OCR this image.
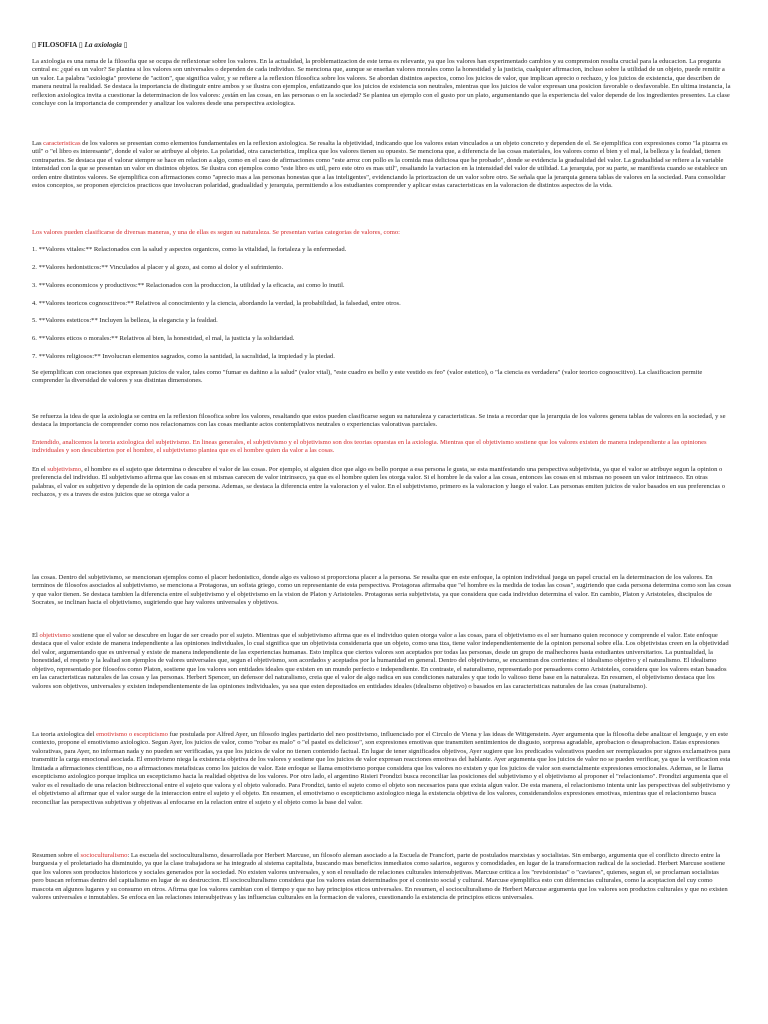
▯ FILOSOFIA ▯ La axiologia ▯

La axiologia es una rama de la filosofia que se ocupa de reflexionar sobre los valores. En la actualidad, la problematizacion de este tema es relevante, ya que los valores han experimentado cambios y su comprension resulta crucial para la educacion. La pregunta central es: ¿qué es un valor? Se plantea si los valores son universales o dependen de cada individuo. Se menciona que, aunque se enseñan valores morales como la honestidad y la justicia, cualquier afirmacion, incluso sobre la utilidad de un objeto, puede remitir a un valor. La palabra "axiologia" proviene de "action", que significa valor, y se refiere a la reflexion filosofica sobre los valores. Se abordan distintos aspectos, como los juicios de valor, que implican aprecio o rechazo, y los juicios de existencia, que describen de manera neutral la realidad. Se destaca la importancia de distinguir entre ambos y se ilustra con ejemplos, enfatizando que los juicios de existencia son neutrales, mientras que los juicios de valor expresan una posicion favorable o desfavorable. En ultima instancia, la reflexion axiologica invita a cuestionar la determinacion de los valores: ¿están en las cosas, en las personas o en la sociedad? Se plantea un ejemplo con el gusto por un plato, argumentando que la experiencia del valor depende de los ingredientes presentes. La clase concluye con la importancia de comprender y analizar los valores desde una perspectiva axiologica.

Las caracteristicas de los valores se presentan como elementos fundamentales en la reflexion axiologica. Se resalta la objetividad, indicando que los valores estan vinculados a un objeto concreto y dependen de el. Se ejemplifica con expresiones como "la pizarra es util" o "el libro es interesante", donde el valor se atribuye al objeto. La polaridad, otra caracteristica, implica que los valores tienen su opuesto. Se menciona que, a diferencia de las cosas materiales, los valores como el bien y el mal, la belleza y la fealdad, tienen contrapartes. Se destaca que el valorar siempre se hace en relacion a algo, como en el caso de afirmaciones como "este arroz con pollo es la comida mas deliciosa que he probado", donde se evidencia la gradualidad del valor. La gradualidad se refiere a la variable intensidad con la que se presentan un valor en distintos objetos. Se ilustra con ejemplos como "este libro es util, pero este otro es mas util", resaltando la variacion en la intensidad del valor de utilidad. La jerarquia, por su parte, se manifiesta cuando se establece un orden entre distintos valores. Se ejemplifica con afirmaciones como "aprecio mas a las personas honestas que a las inteligentes", evidenciando la priorizacion de un valor sobre otro. Se señala que la jerarquia genera tablas de valores en la sociedad. Para consolidar estos conceptos, se proponen ejercicios practicos que involucran polaridad, gradualidad y jerarquia, permitiendo a los estudiantes comprender y aplicar estas caracteristicas en la valoracion de distintos aspectos de la vida.

Los valores pueden clasificarse de diversas maneras, y una de ellas es segun su naturaleza. Se presentan varias categorias de valores, como:

1. **Valores vitales:** Relacionados con la salud y aspectos organicos, como la vitalidad, la fortaleza y la enfermedad.

2. **Valores hedonisticos:** Vinculados al placer y al gozo, asi como al dolor y el sufrimiento.

3. **Valores economicos y productivos:** Relacionados con la produccion, la utilidad y la eficacia, asi como lo inutil.

4. **Valores teoricos cognoscitivos:** Relativos al conocimiento y la ciencia, abordando la verdad, la probabilidad, la falsedad, entre otros.

5. **Valores esteticos:** Incluyen la belleza, la elegancia y la fealdad.

6. **Valores eticos o morales:** Relativos al bien, la honestidad, el mal, la justicia y la solidaridad.

7. **Valores religiosos:** Involucran elementos sagrados, como la santidad, la sacralidad, la impiedad y la piedad.

Se ejemplifican con oraciones que expresan juicios de valor, tales como "fumar es dañino a la salud" (valor vital), "este cuadro es bello y este vestido es feo" (valor estetico), o "la ciencia es verdadera" (valor teorico cognoscitivo). La clasificacion permite comprender la diversidad de valores y sus distintas dimensiones.

Se refuerza la idea de que la axiologia se centra en la reflexion filosofica sobre los valores, resaltando que estos pueden clasificarse segun su naturaleza y caracteristicas. Se insta a recordar que la jerarquia de los valores genera tablas de valores en la sociedad, y se destaca la importancia de comprender como nos relacionamos con las cosas mediante actos contemplativos neutrales o experiencias valorativas parciales.

Entendido, analicemos la teoria axiologica del subjetivismo. En lineas generales, el subjetivismo y el objetivismo son dos teorias opuestas en la axiologia. Mientras que el objetivismo sostiene que los valores existen de manera independiente a las opiniones individuales y son descubiertos por el hombre, el subjetivismo plantea que es el hombre quien da valor a las cosas.

En el subjetivismo, el hombre es el sujeto que determina o descubre el valor de las cosas. Por ejemplo, si alguien dice que algo es bello porque a esa persona le gusta, se esta manifestando una perspectiva subjetivista, ya que el valor se atribuye segun la opinion o preferencia del individuo. El subjetivismo afirma que las cosas en si mismas carecen de valor intrinseco, ya que es el hombre quien les otorga valor. Si el hombre le da valor a las cosas, entonces las cosas en si mismas no poseen un valor intrinseco. En otras palabras, el valor es subjetivo y depende de la opinion de cada persona. Ademas, se destaca la diferencia entre la valoracion y el valor. En el subjetivismo, primero es la valoracion y luego el valor. Las personas emiten juicios de valor basados en sus preferencias o rechazos, y es a traves de estos juicios que se otorga valor a

las cosas. Dentro del subjetivismo, se mencionan ejemplos como el placer hedonistico, donde algo es valioso si proporciona placer a la persona. Se resalta que en este enfoque, la opinion individual juega un papel crucial en la determinacion de los valores. En terminos de filosofos asociados al subjetivismo, se menciona a Protagoras, un sofista griego, como un representante de esta perspectiva. Protagoras afirmaba que "el hombre es la medida de todas las cosas", sugiriendo que cada persona determina como son las cosas y que valor tienen. Se destaca tambien la diferencia entre el subjetivismo y el objetivismo en la vision de Platon y Aristoteles. Protagoras seria subjetivista, ya que considera que cada individuo determina el valor. En cambio, Platon y Aristoteles, discipulos de Socrates, se inclinan hacia el objetivismo, sugiriendo que hay valores universales y objetivos.

El objetivismo sostiene que el valor se descubre en lugar de ser creado por el sujeto. Mientras que el subjetivismo afirma que es el individuo quien otorga valor a las cosas, para el objetivismo es el ser humano quien reconoce y comprende el valor. Este enfoque destaca que el valor existe de manera independiente a las opiniones individuales, lo cual significa que un objetivista consideraria que un objeto, como una tiza, tiene valor independientemente de la opinion personal sobre ella. Los objetivistas creen en la objetividad del valor, argumentando que es universal y existe de manera independiente de las experiencias humanas. Esto implica que ciertos valores son aceptados por todas las personas, desde un grupo de malhechores hasta estudiantes universitarios. La puntualidad, la honestidad, el respeto y la lealtad son ejemplos de valores universales que, segun el objetivismo, son acordados y aceptados por la humanidad en general. Dentro del objetivismo, se encuentran dos corrientes: el idealismo objetivo y el naturalismo. El idealismo objetivo, representado por filosofos como Platon, sostiene que los valores son entidades ideales que existen en un mundo perfecto e independiente. En contraste, el naturalismo, representado por pensadores como Aristoteles, considera que los valores estan basados en las caracteristicas naturales de las cosas y las personas. Herbert Spencer, un defensor del naturalismo, creia que el valor de algo radica en sus condiciones naturales y que todo lo valioso tiene base en la naturaleza. En resumen, el objetivismo destaca que los valores son objetivos, universales y existen independientemente de las opiniones individuales, ya sea que esten depositados en entidades ideales (idealismo objetivo) o basados en las caracteristicas naturales de las cosas (naturalismo).

La teoria axiologica del emotivismo o escepticismo fue postulada por Alfred Ayer, un filosofo ingles partidario del neo positivismo, influenciado por el Circulo de Viena y las ideas de Wittgenstein. Ayer argumenta que la filosofia debe analizar el lenguaje, y en este contexto, propone el emotivismo axiologico. Segun Ayer, los juicios de valor, como "robar es malo" o "el pastel es delicioso", son expresiones emotivas que transmiten sentimientos de disgusto, sorpresa agradable, aprobacion o desaprobacion. Estas expresiones valorativas, para Ayer, no informan nada y no pueden ser verificadas, ya que los juicios de valor no tienen contenido factual. En lugar de tener significados objetivos, Ayer sugiere que los predicados valorativos pueden ser reemplazados por signos exclamativos para transmitir la carga emocional asociada. El emotivismo niega la existencia objetiva de los valores y sostiene que los juicios de valor expresan reacciones emotivas del hablante. Ayer argumenta que los juicios de valor no se pueden verificar, ya que la verificacion esta limitada a afirmaciones cientificas, no a afirmaciones metafisicas como los juicios de valor. Este enfoque se llama emotivismo porque considera que los valores no existen y que los juicios de valor son esencialmente expresiones emocionales. Ademas, se le llama escepticismo axiologico porque implica un escepticismo hacia la realidad objetiva de los valores. Por otro lado, el argentino Risieri Frondizi busca reconciliar las posiciones del subjetivismo y el objetivismo al proponer el "relacionismo". Frondizi argumenta que el valor es el resultado de una relacion bidireccional entre el sujeto que valora y el objeto valorado. Para Frondizi, tanto el sujeto como el objeto son necesarios para que exista algun valor. De esta manera, el relacionismo intenta unir las perspectivas del subjetivismo y el objetivismo al afirmar que el valor surge de la interaccion entre el sujeto y el objeto. En resumen, el emotivismo o escepticismo axiologico niega la existencia objetiva de los valores, considerandolos expresiones emotivas, mientras que el relacionismo busca reconciliar las perspectivas subjetivas y objetivas al enfocarse en la relacion entre el sujeto y el objeto como la base del valor.

Resumen sobre el socioculturalismo: La escuela del socioculturalismo, desarrollada por Herbert Marcuse, un filosofo aleman asociado a la Escuela de Francfort, parte de postulados marxistas y socialistas. Sin embargo, argumenta que el conflicto directo entre la burguesia y el proletariado ha disminuido, ya que la clase trabajadora se ha integrado al sistema capitalista, buscando mas beneficios inmediatos como salarios, seguros y comodidades, en lugar de la transformacion radical de la sociedad. Herbert Marcuse sostiene que los valores son productos historicos y sociales generados por la sociedad. No existen valores universales, y son el resultado de relaciones culturales intersubjetivas. Marcuse critica a los "revisionistas" o "caviares", quienes, segun el, se proclaman socialistas pero buscan reformas dentro del capitalismo en lugar de su destruccion. El socioculturalismo considera que los valores estan determinados por el contexto social y cultural. Marcuse ejemplifica esto con diferencias culturales, como la aceptacion del cuy como mascota en algunos lugares y su consumo en otros. Afirma que los valores cambian con el tiempo y que no hay principios eticos universales. En resumen, el socioculturalismo de Herbert Marcuse argumenta que los valores son productos culturales y que no existen valores universales e inmutables. Se enfoca en las relaciones intersubjetivas y las influencias culturales en la formacion de valores, cuestionando la existencia de principios eticos universales.
